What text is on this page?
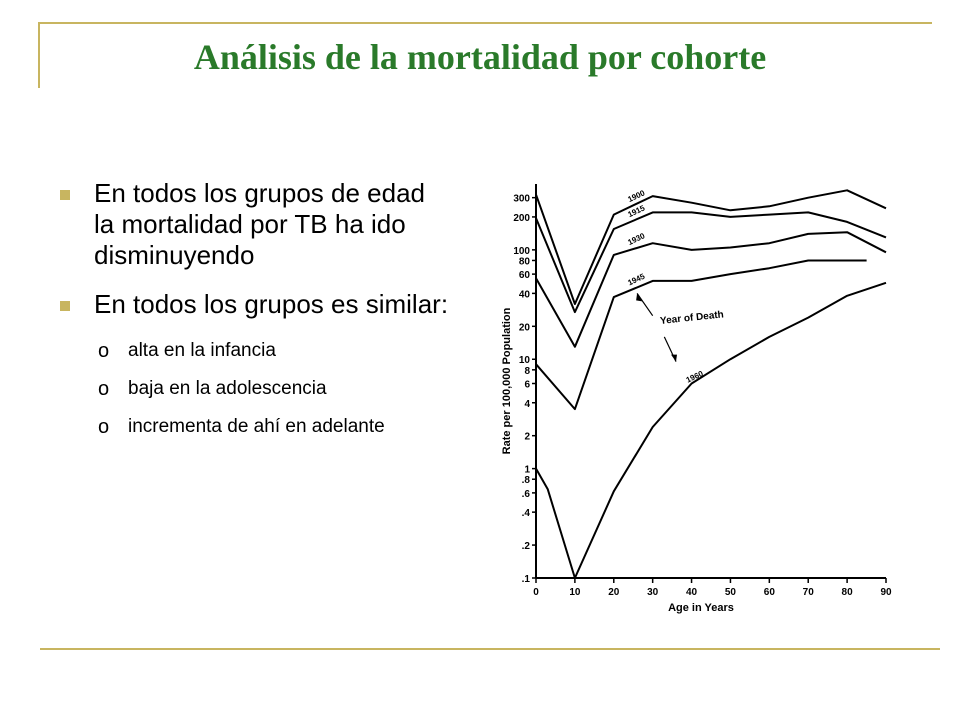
Análisis de la mortalidad por cohorte
En todos los grupos de edad la mortalidad por TB ha ido disminuyendo
En todos los grupos es similar:
o alta en la infancia
o baja en la adolescencia
o incrementa de ahí en adelante
300
200
100
80
60
40
20
10
8
6
4
2
1
.8
.6
.4
.2
.1
0	10	20	30	40	50	60	70	80	90
Age in Years
Rate per 100,000 Population
1900
1915
1930
1945
1960
Year of Death
